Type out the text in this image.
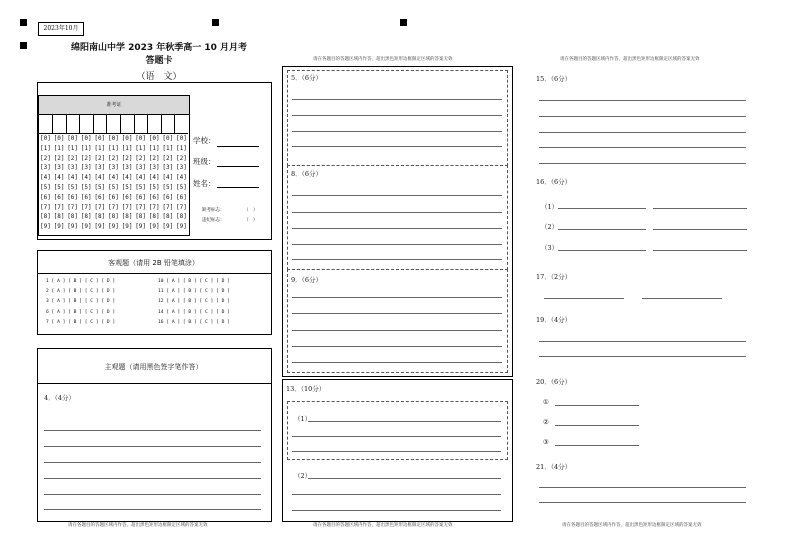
2023年10月
绵阳南山中学 2023 年秋季高一 10 月月考
答题卡
（语　文）
准考证
[0]
[1]
[2]
[3]
[4]
[5]
[6]
[7]
[8]
[9]
[0]
[1]
[2]
[3]
[4]
[5]
[6]
[7]
[8]
[9]
[0]
[1]
[2]
[3]
[4]
[5]
[6]
[7]
[8]
[9]
[0]
[1]
[2]
[3]
[4]
[5]
[6]
[7]
[8]
[9]
[0]
[1]
[2]
[3]
[4]
[5]
[6]
[7]
[8]
[9]
[0]
[1]
[2]
[3]
[4]
[5]
[6]
[7]
[8]
[9]
[0]
[1]
[2]
[3]
[4]
[5]
[6]
[7]
[8]
[9]
[0]
[1]
[2]
[3]
[4]
[5]
[6]
[7]
[8]
[9]
[0]
[1]
[2]
[3]
[4]
[5]
[6]
[7]
[8]
[9]
[0]
[1]
[2]
[3]
[4]
[5]
[6]
[7]
[8]
[9]
[0]
[1]
[2]
[3]
[4]
[5]
[6]
[7]
[8]
[9]
学校：
班级：
姓名：
缺考标志：	（　）
违纪标志：	（　）
客观题（请用 2B 铅笔填涂）
1 [ A ] [ B ] [ C ] [ D ]
2 [ A ] [ B ] [ C ] [ D ]
3 [ A ] [ B ] [ C ] [ D ]
6 [ A ] [ B ] [ C ] [ D ]
7 [ A ] [ B ] [ C ] [ D ]
10 [ A ] [ B ] [ C ] [ D ]
11 [ A ] [ B ] [ C ] [ D ]
12 [ A ] [ B ] [ C ] [ D ]
14 [ A ] [ B ] [ C ] [ D ]
16 [ A ] [ B ] [ C ] [ D ]
主观题（请用黑色签字笔作答）
4．（4分）
请在各题目的答题区域内作答，超出黑色矩形边框限定区域的答案无效
请在各题目的答题区域内作答，超出黑色矩形边框限定区域的答案无效
5．（6分）
8．（6分）
9．（6分）
13．（10分）
（1）
（2）
请在各题目的答题区域内作答，超出黑色矩形边框限定区域的答案无效
请在各题目的答题区域内作答，超出黑色矩形边框限定区域的答案无效
15．（6分）
16．（6分）
（1）
（2）
（3）
17．（2分）
19．（4分）
20．（6分）
①
②
③
21．（4分）
请在各题目的答题区域内作答，超出黑色矩形边框限定区域的答案无效
